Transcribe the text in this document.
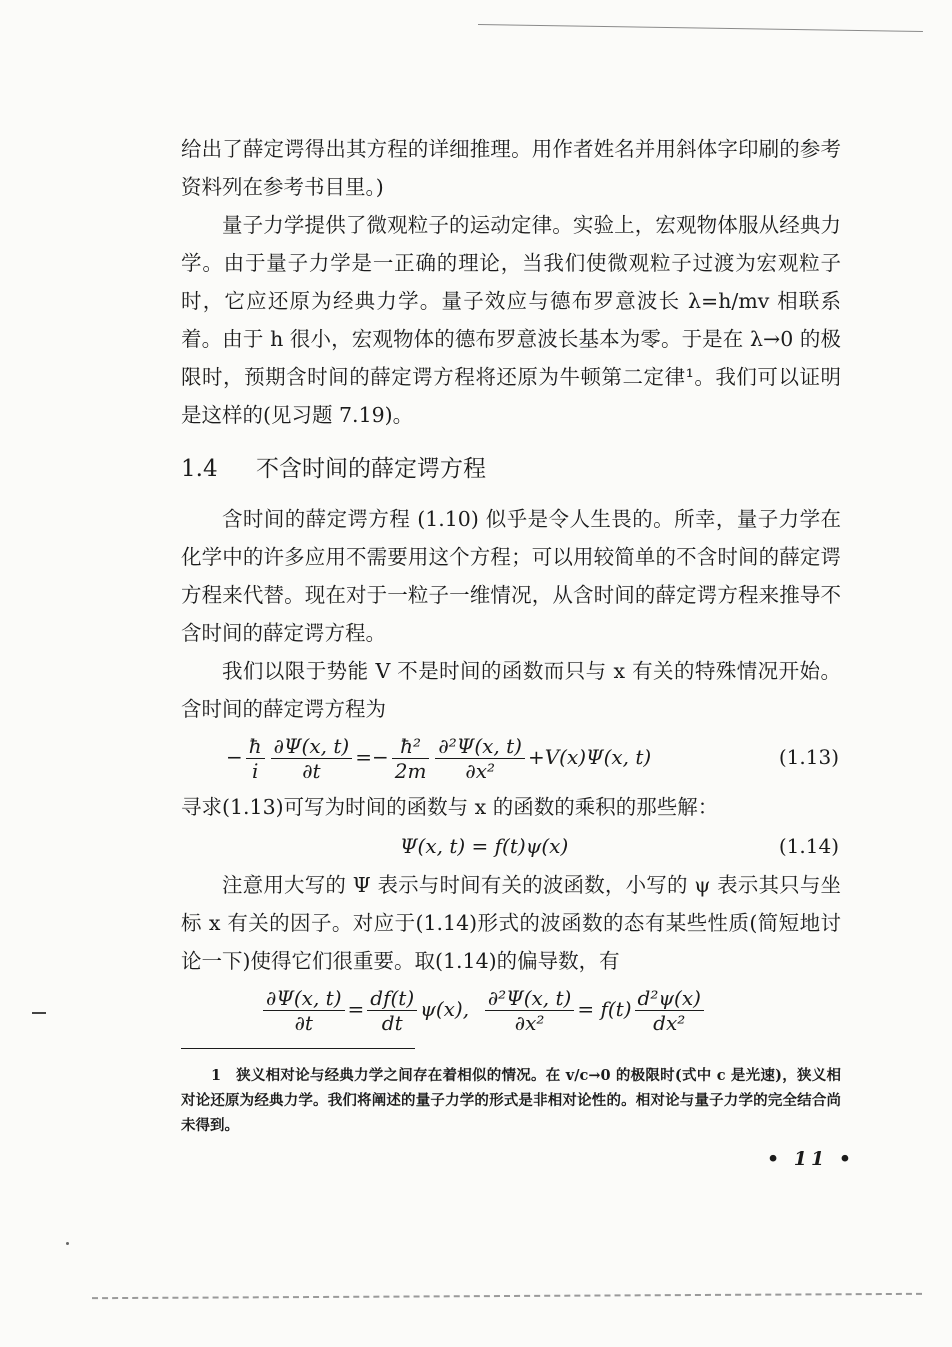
给出了薛定谔得出其方程的详细推理。用作者姓名并用斜体字印刷的参考资料列在参考书目里。)

量子力学提供了微观粒子的运动定律。实验上，宏观物体服从经典力学。由于量子力学是一正确的理论，当我们使微观粒子过渡为宏观粒子时，它应还原为经典力学。量子效应与德布罗意波长 λ=h/mv 相联系着。由于 h 很小，宏观物体的德布罗意波长基本为零。于是在 λ→0 的极限时，预期含时间的薛定谔方程将还原为牛顿第二定律¹。我们可以证明是这样的(见习题 7.19)。

1.4 不含时间的薛定谔方程

含时间的薛定谔方程 (1.10) 似乎是令人生畏的。所幸，量子力学在化学中的许多应用不需要用这个方程；可以用较简单的不含时间的薛定谔方程来代替。现在对于一粒子一维情况，从含时间的薛定谔方程来推导不含时间的薛定谔方程。

我们以限于势能 V 不是时间的函数而只与 x 有关的特殊情况开始。含时间的薛定谔方程为

− $\frac{ħ}{i} \frac{\partial\Psi(x, t)}{\partial t} =- \frac{\text{ħ²}}{2m} \frac{\text{∂²Ψ(x, t)}}{\text{∂x²}} +V(x)\Psi(x$, t)	(1.13)

寻求(1.13)可写为时间的函数与 x 的函数的乘积的那些解：

Ψ(x, t) = f(t)ψ(x)	(1.14)

注意用大写的 Ψ 表示与时间有关的波函数，小写的 ψ 表示其只与坐标 x 有关的因子。对应于(1.14)形式的波函数的态有某些性质(简短地讨论一下)使得它们很重要。取(1.14)的偏导数，有

$\frac{\partial\Psi(x, t)}{\partial t} = \frac{df(t)}{dt} \psi(x)$, $\frac{\text{∂²Ψ(x, t)}}{\text{∂x²}} = f(t) \frac{\text{d²ψ(x)}}{\text{dx²}}$

1　狭义相对论与经典力学之间存在着相似的情况。在 v/c→0 的极限时(式中 c 是光速)，狭义相对论还原为经典力学。我们将阐述的量子力学的形式是非相对论性的。相对论与量子力学的完全结合尚未得到。

• 11 •
